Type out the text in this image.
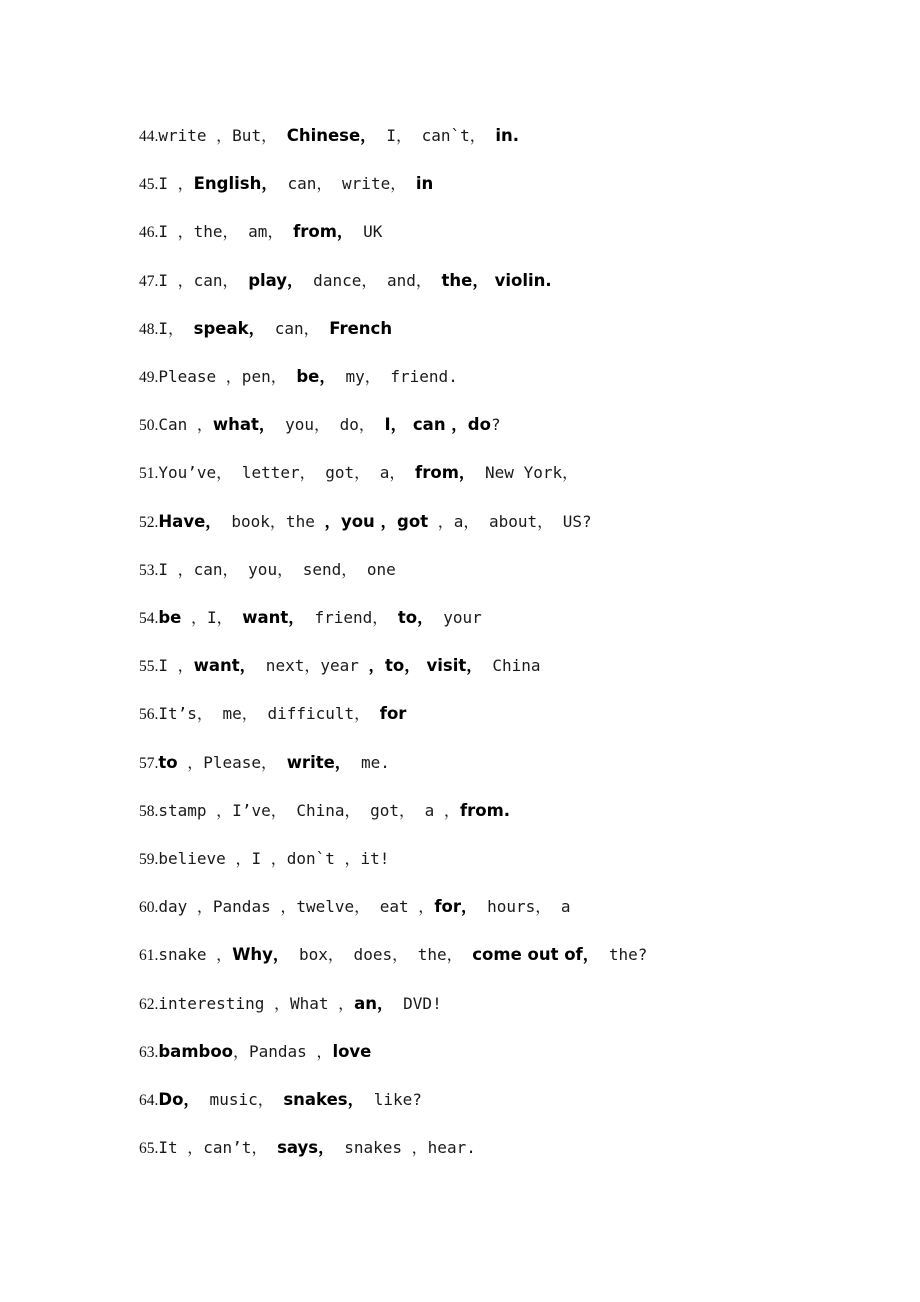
44.write ，But， Chinese， I， can`t， in.
45.I ，English， can， write， in
46.I ，the， am， from， UK
47.I ，can， play， dance， and， the， violin.
48.I， speak， can， French
49.Please ，pen， be， my， friend.
50.Can ，what， you， do， I， can ，do?
51.You’ve， letter， got， a， from， New York，
52.Have， book，the ，you ，got ，a， about， US?
53.I ，can， you， send， one
54.be ，I， want， friend， to， your
55.I ，want， next，year ，to， visit， China
56.It’s， me， difficult， for
57.to ，Please， write， me.
58.stamp ，I’ve， China， got， a ，from.
59.believe ，I ，don`t ，it!
60.day ，Pandas ，twelve， eat ，for， hours， a
61.snake ，Why， box， does， the， come out of， the?
62.interesting ，What ，an， DVD!
63.bamboo，Pandas ，love
64.Do， music， snakes， like?
65.It ，can’t， says， snakes ，hear.
